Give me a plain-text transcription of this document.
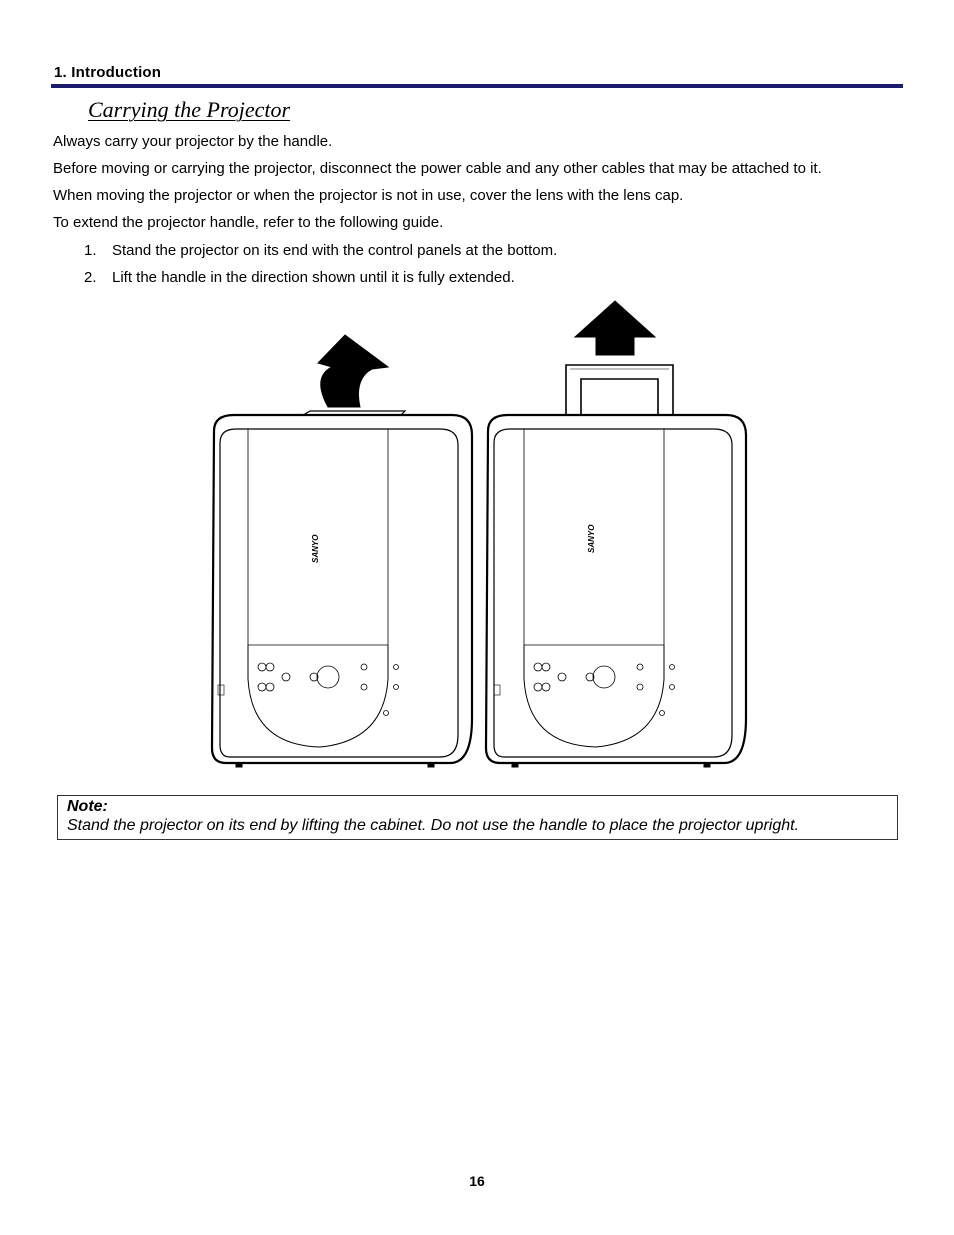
1. Introduction
Carrying the Projector
Always carry your projector by the handle.
Before moving or carrying the projector, disconnect the power cable and any other cables that may be attached to it.
When moving the projector or when the projector is not in use, cover the lens with the lens cap.
To extend the projector handle, refer to the following guide.
1. Stand the projector on its end with the control panels at the bottom.
2. Lift the handle in the direction shown until it is fully extended.
SANYO	SANYO
Note:
Stand the projector on its end by lifting the cabinet. Do not use the handle to place the projector upright.
16
